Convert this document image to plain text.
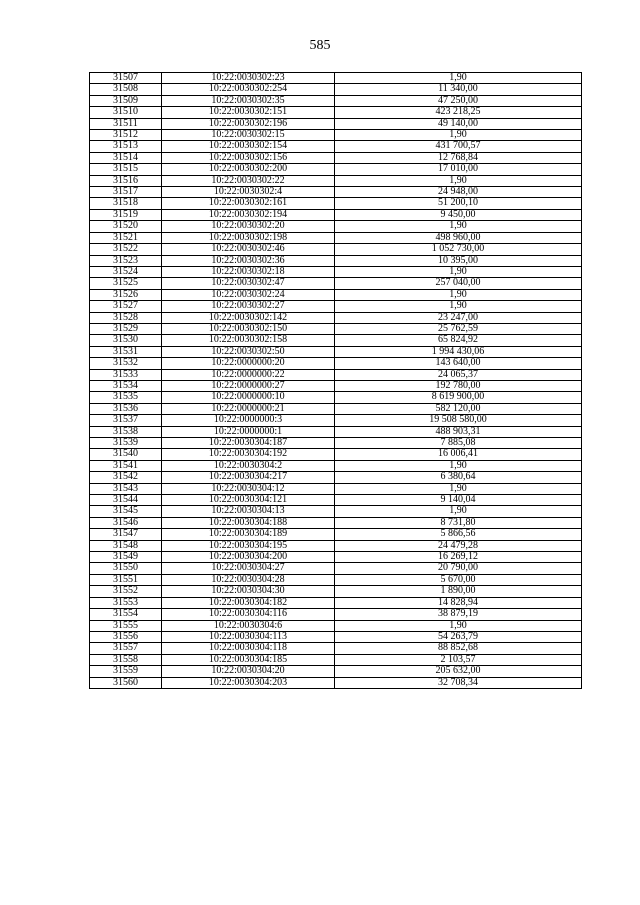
585
31507	10:22:0030302:23	1,90
31508	10:22:0030302:254	11 340,00
31509	10:22:0030302:35	47 250,00
31510	10:22:0030302:151	423 218,25
31511	10:22:0030302:196	49 140,00
31512	10:22:0030302:15	1,90
31513	10:22:0030302:154	431 700,57
31514	10:22:0030302:156	12 768,84
31515	10:22:0030302:200	17 010,00
31516	10:22:0030302:22	1,90
31517	10:22:0030302:4	24 948,00
31518	10:22:0030302:161	51 200,10
31519	10:22:0030302:194	9 450,00
31520	10:22:0030302:20	1,90
31521	10:22:0030302:198	498 960,00
31522	10:22:0030302:46	1 052 730,00
31523	10:22:0030302:36	10 395,00
31524	10:22:0030302:18	1,90
31525	10:22:0030302:47	257 040,00
31526	10:22:0030302:24	1,90
31527	10:22:0030302:27	1,90
31528	10:22:0030302:142	23 247,00
31529	10:22:0030302:150	25 762,59
31530	10:22:0030302:158	65 824,92
31531	10:22:0030302:50	1 994 430,06
31532	10:22:0000000:20	143 640,00
31533	10:22:0000000:22	24 065,37
31534	10:22:0000000:27	192 780,00
31535	10:22:0000000:10	8 619 900,00
31536	10:22:0000000:21	582 120,00
31537	10:22:0000000:3	19 508 580,00
31538	10:22:0000000:1	488 903,31
31539	10:22:0030304:187	7 885,08
31540	10:22:0030304:192	16 006,41
31541	10:22:0030304:2	1,90
31542	10:22:0030304:217	6 380,64
31543	10:22:0030304:12	1,90
31544	10:22:0030304:121	9 140,04
31545	10:22:0030304:13	1,90
31546	10:22:0030304:188	8 731,80
31547	10:22:0030304:189	5 866,56
31548	10:22:0030304:195	24 479,28
31549	10:22:0030304:200	16 269,12
31550	10:22:0030304:27	20 790,00
31551	10:22:0030304:28	5 670,00
31552	10:22:0030304:30	1 890,00
31553	10:22:0030304:182	14 828,94
31554	10:22:0030304:116	38 879,19
31555	10:22:0030304:6	1,90
31556	10:22:0030304:113	54 263,79
31557	10:22:0030304:118	88 852,68
31558	10:22:0030304:185	2 103,57
31559	10:22:0030304:20	205 632,00
31560	10:22:0030304:203	32 708,34
